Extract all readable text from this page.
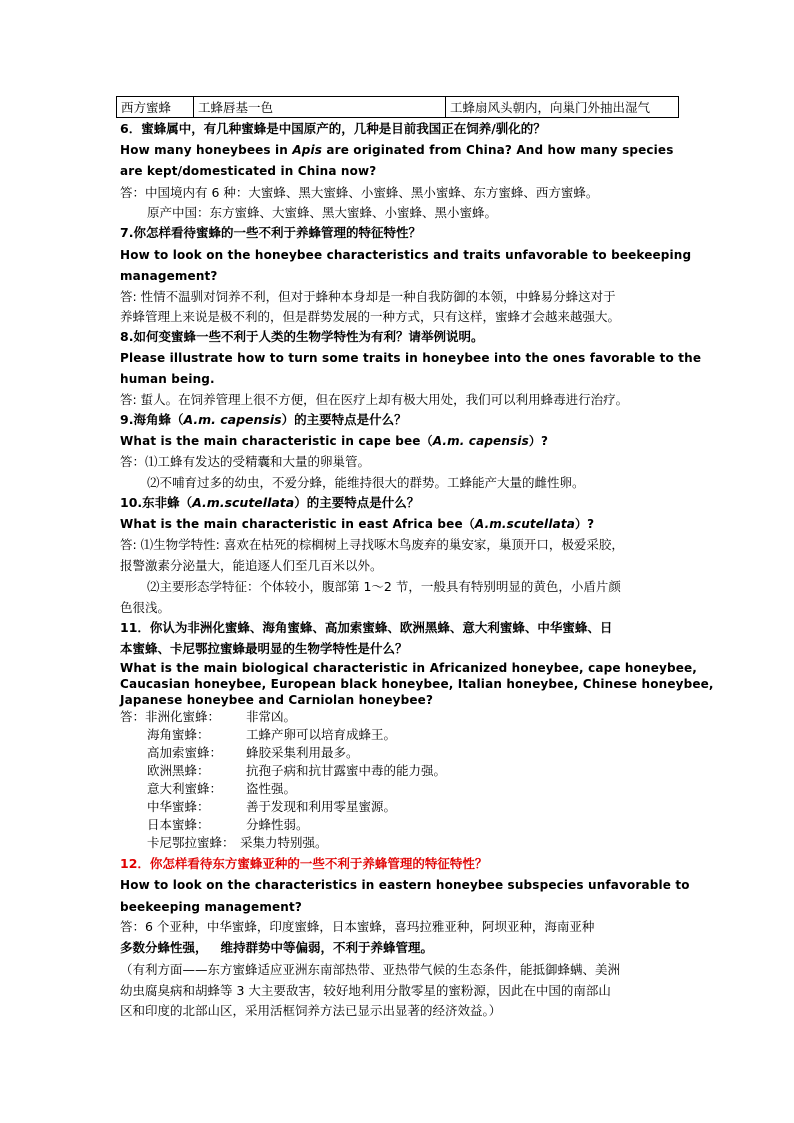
西方蜜蜂	工蜂唇基一色	工蜂扇风头朝内，向巢门外抽出湿气
6．蜜蜂属中，有几种蜜蜂是中国原产的，几种是目前我国正在饲养/驯化的？
How many honeybees in Apis are originated from China? And how many species
are kept/domesticated in China now?
答：中国境内有 6 种：大蜜蜂、黑大蜜蜂、小蜜蜂、黑小蜜蜂、东方蜜蜂、西方蜜蜂。
原产中国：东方蜜蜂、大蜜蜂、黑大蜜蜂、小蜜蜂、黑小蜜蜂。
7.你怎样看待蜜蜂的一些不利于养蜂管理的特征特性？
How to look on the honeybee characteristics and traits unfavorable to beekeeping
management?
答: 性情不温驯对饲养不利，但对于蜂种本身却是一种自我防御的本领，中蜂易分蜂这对于
养蜂管理上来说是极不利的，但是群势发展的一种方式，只有这样，蜜蜂才会越来越强大。
8.如何变蜜蜂一些不利于人类的生物学特性为有利？请举例说明。
Please illustrate how to turn some traits in honeybee into the ones favorable to the
human being.
答: 蜇人。在饲养管理上很不方便，但在医疗上却有极大用处，我们可以利用蜂毒进行治疗。
9.海角蜂（A.m. capensis）的主要特点是什么？
What is the main characteristic in cape bee（A.m. capensis）?
答：⑴工蜂有发达的受精囊和大量的卵巢管。
⑵不哺育过多的幼虫，不爱分蜂，能维持很大的群势。工蜂能产大量的雌性卵。
10.东非蜂（A.m.scutellata）的主要特点是什么？
What is the main characteristic in east Africa bee（A.m.scutellata）?
答: ⑴生物学特性: 喜欢在枯死的棕榈树上寻找啄木鸟废弃的巢安家，巢顶开口，极爱采胶，
报警激素分泌量大，能追逐人们至几百米以外。
⑵主要形态学特征：个体较小，腹部第 1～2 节，一般具有特别明显的黄色，小盾片颜
色很浅。
11．你认为非洲化蜜蜂、海角蜜蜂、高加索蜜蜂、欧洲黑蜂、意大利蜜蜂、中华蜜蜂、日
本蜜蜂、卡尼鄂拉蜜蜂最明显的生物学特性是什么？
What is the main biological characteristic in Africanized honeybee, cape honeybee,
Caucasian honeybee, European black honeybee, Italian honeybee, Chinese honeybee,
Japanese honeybee and Carniolan honeybee?
答：非洲化蜜蜂： 非常凶。
海角蜜蜂：	工蜂产卵可以培育成蜂王。
高加索蜜蜂： 蜂胶采集利用最多。
欧洲黑蜂：	抗孢子病和抗甘露蜜中毒的能力强。
意大利蜜蜂： 盗性强。
中华蜜蜂：	善于发现和利用零星蜜源。
日本蜜蜂：	分蜂性弱。
卡尼鄂拉蜜蜂： 采集力特别强。
12．你怎样看待东方蜜蜂亚种的一些不利于养蜂管理的特征特性？
How to look on the characteristics in eastern honeybee subspecies unfavorable to
beekeeping management?
答：6 个亚种，中华蜜蜂，印度蜜蜂，日本蜜蜂，喜玛拉雅亚种，阿坝亚种，海南亚种
多数分蜂性强，   维持群势中等偏弱，不利于养蜂管理。
（有利方面——东方蜜蜂适应亚洲东南部热带、亚热带气候的生态条件，能抵御蜂螨、美洲
幼虫腐臭病和胡蜂等 3 大主要敌害，较好地利用分散零星的蜜粉源，因此在中国的南部山
区和印度的北部山区，采用活框饲养方法已显示出显著的经济效益。）
